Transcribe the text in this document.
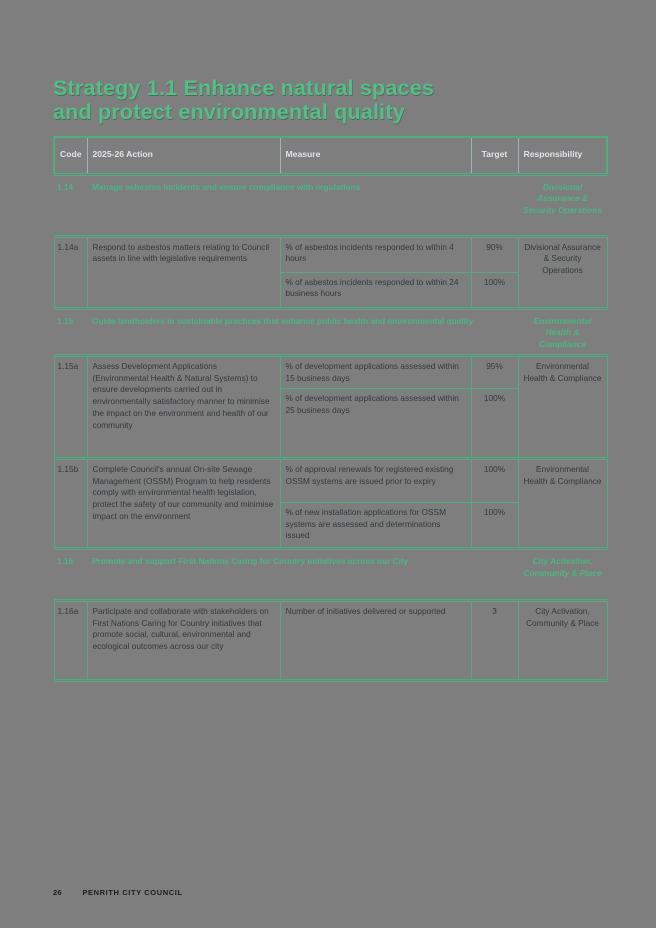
Strategy 1.1 Enhance natural spaces
and protect environmental quality
Code	2025-26 Action	Measure	Target	Responsibility
1.14	Manage asbestos incidents and ensure compliance with regulations			Divisional Assurance & Security Operations
1.14a	Respond to asbestos matters relating to Council assets in line with legislative requirements	% of asbestos incidents responded to within 4 hours	90%	Divisional Assurance & Security Operations
		% of asbestos incidents responded to within 24 business hours	100%	
1.15	Guide landholders in sustainable practices that enhance public health and environmental quality			Environmental Health & Compliance
1.15a	Assess Development Applications (Environmental Health & Natural Systems) to ensure developments carried out in environmentally satisfactory manner to minimise the impact on the environment and health of our community	% of development applications assessed within 15 business days	95%	Environmental Health & Compliance
		% of development applications assessed within 25 business days	100%	
1.15b	Complete Council's annual On-site Sewage Management (OSSM) Program to help residents comply with environmental health legislation, protect the safety of our community and minimise impact on the environment	% of approval renewals for registered existing OSSM systems are issued prior to expiry	100%	Environmental Health & Compliance
		% of new installation applications for OSSM systems are assessed and determinations issued	100%	
1.16	Promote and support First Nations Caring for Country initiatives across our City			City Activation, Community & Place
1.16a	Participate and collaborate with stakeholders on First Nations Caring for Country initiatives that promote social, cultural, environmental and ecological outcomes across our city	Number of initiatives delivered or supported	3	City Activation, Community & Place
26	PENRITH CITY COUNCIL
